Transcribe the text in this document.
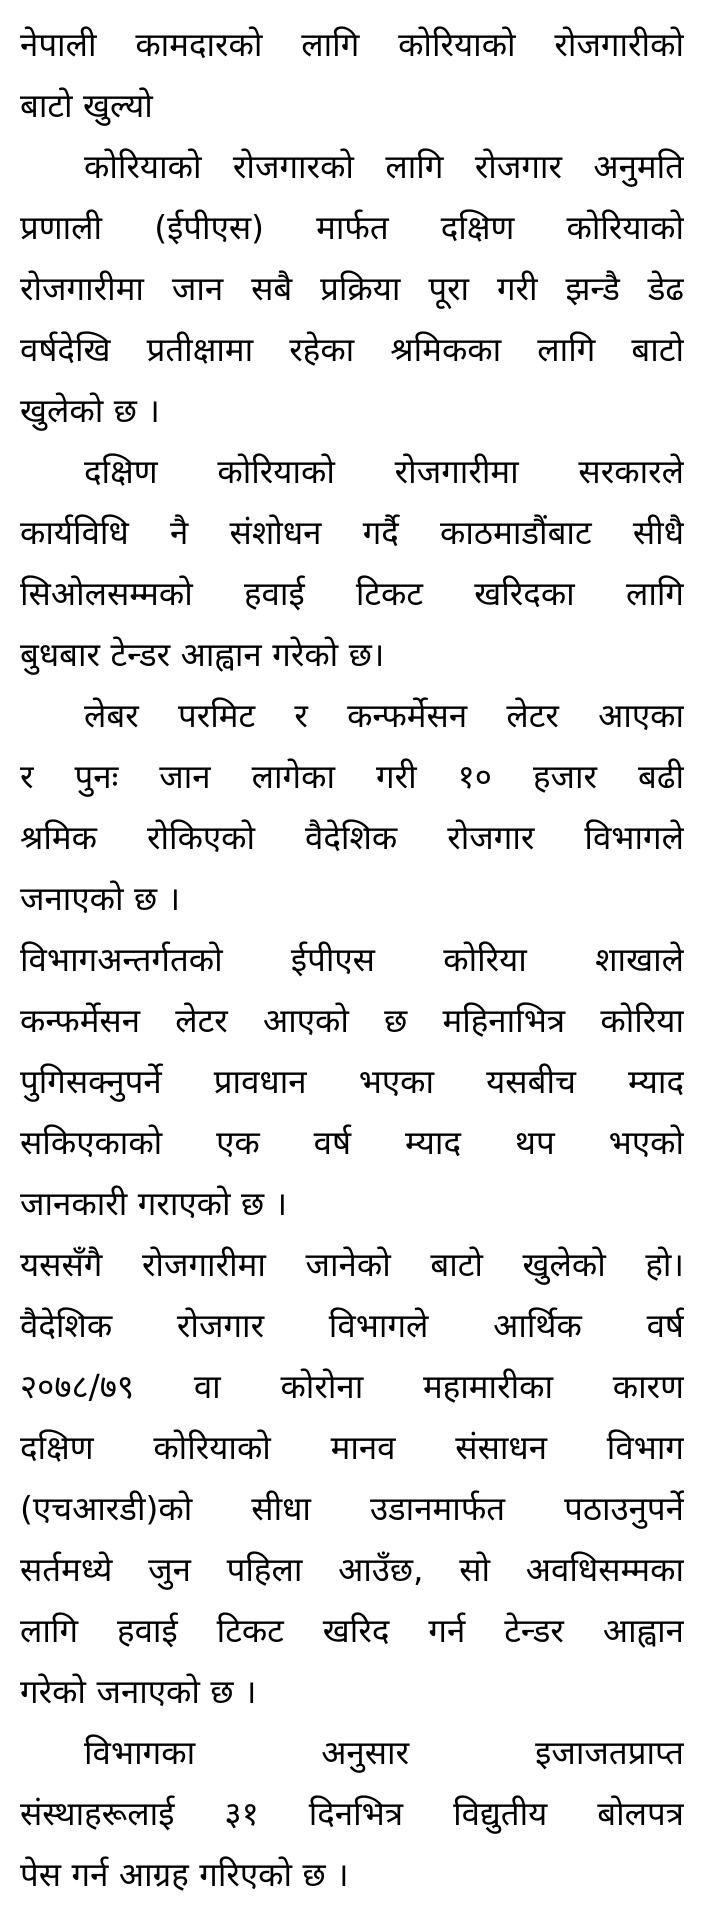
नेपाली कामदारको लागि कोरियाको रोजगारीको
बाटो खुल्यो
कोरियाको रोजगारको लागि रोजगार अनुमति
प्रणाली (ईपीएस) मार्फत दक्षिण कोरियाको
रोजगारीमा जान सबै प्रक्रिया पूरा गरी झन्डै डेढ
वर्षदेखि प्रतीक्षामा रहेका श्रमिकका लागि बाटो
खुलेको छ ।
दक्षिण कोरियाको रोजगारीमा सरकारले
कार्यविधि नै संशोधन गर्दै काठमाडौंबाट सीधै
सिओलसम्मको हवाई टिकट खरिदका लागि
बुधबार टेन्डर आह्वान गरेको छ।
लेबर परमिट र कन्फर्मेसन लेटर आएका
र पुनः जान लागेका गरी १० हजार बढी
श्रमिक रोकिएको वैदेशिक रोजगार विभागले
जनाएको छ ।
विभागअन्तर्गतको ईपीएस कोरिया शाखाले
कन्फर्मेसन लेटर आएको छ महिनाभित्र कोरिया
पुगिसक्नुपर्ने प्रावधान भएका यसबीच म्याद
सकिएकाको एक वर्ष म्याद थप भएको
जानकारी गराएको छ ।
यससँगै रोजगारीमा जानेको बाटो खुलेको हो।
वैदेशिक रोजगार विभागले आर्थिक वर्ष
२०७८/७९ वा कोरोना महामारीका कारण
दक्षिण कोरियाको मानव संसाधन विभाग
(एचआरडी)को सीधा उडानमार्फत पठाउनुपर्ने
सर्तमध्ये जुन पहिला आउँछ, सो अवधिसम्मका
लागि हवाई टिकट खरिद गर्न टेन्डर आह्वान
गरेको जनाएको छ ।
विभागका अनुसार इजाजतप्राप्त
संस्थाहरूलाई ३१ दिनभित्र विद्युतीय बोलपत्र
पेस गर्न आग्रह गरिएको छ ।
